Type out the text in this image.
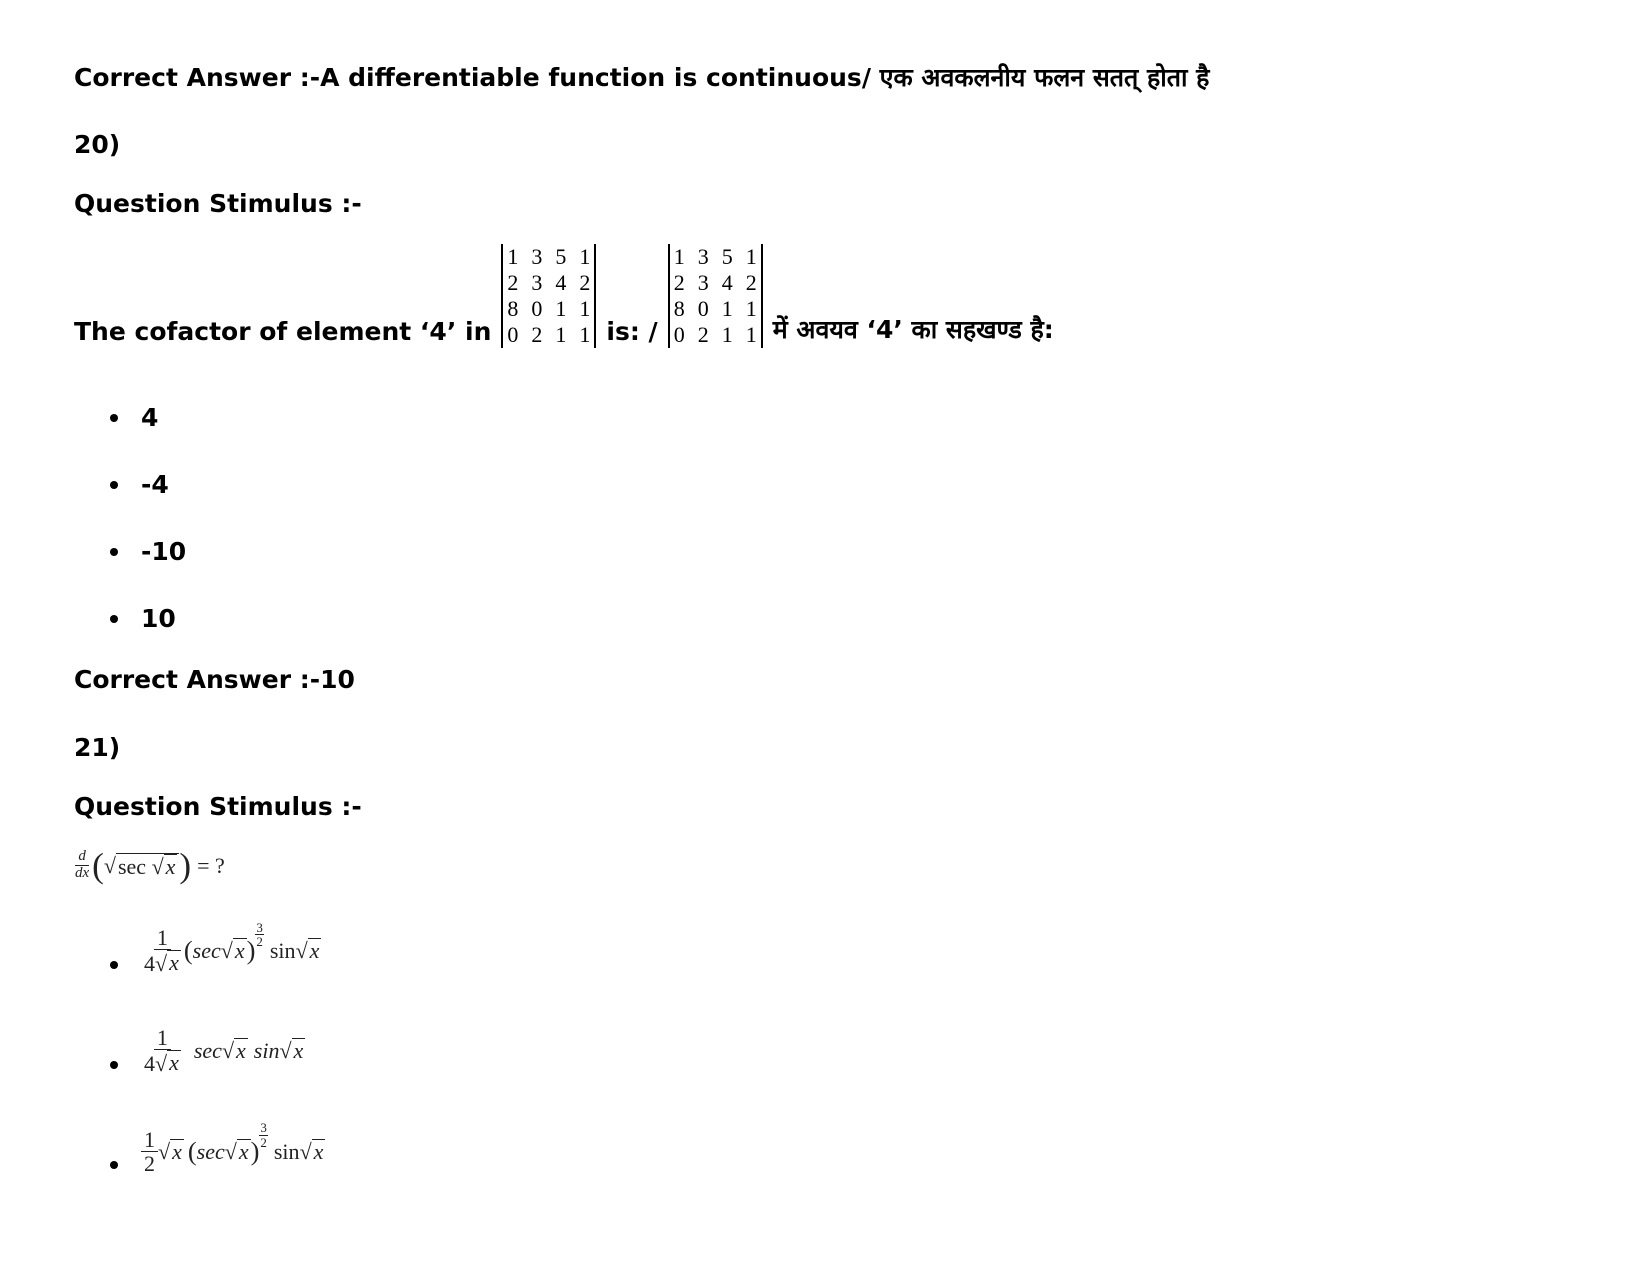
Correct Answer :-A differentiable function is continuous/ एक अवकलनीय फलन सतत् होता है
20)
Question Stimulus :-
The cofactor of element ‘4’ in
1 3 5 1
2 3 4 2
8 0 1 1
0 2 1 1 is: /
1 3 5 1
2 3 4 2
8 0 1 1
0 2 1 1 में अवयव ‘4’ का सहखण्ड है:
4
-4
-10
10
Correct Answer :-10
21)
Question Stimulus :-
$\frac{d}{dx}$ ( √ sec √ x ) = ?
$\frac{1}{4 √ x}$ ( sec √ x )
3
2 sin √ x
$\frac{1}{4 √ x}$ sec √ x sin √ x
$\frac{1}{2}$ √ x ( sec √ x )
3
2 sin √ x
